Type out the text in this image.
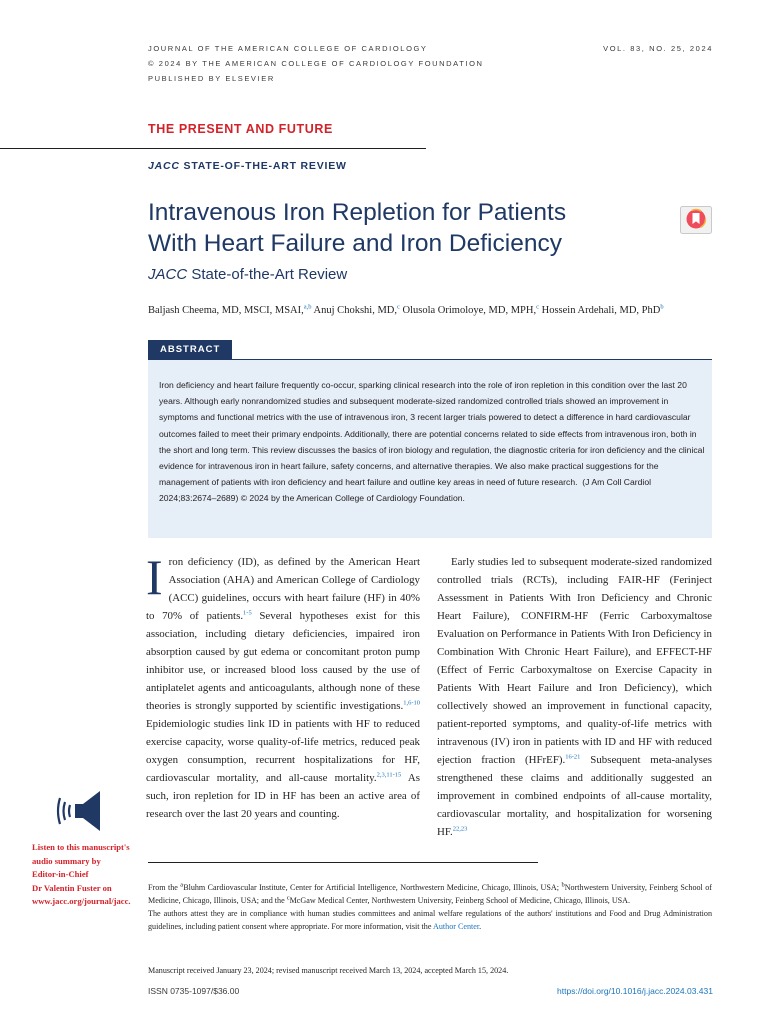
JOURNAL OF THE AMERICAN COLLEGE OF CARDIOLOGY
© 2024 BY THE AMERICAN COLLEGE OF CARDIOLOGY FOUNDATION
PUBLISHED BY ELSEVIER
VOL. 83, NO. 25, 2024
THE PRESENT AND FUTURE
JACC STATE-OF-THE-ART REVIEW
Intravenous Iron Repletion for Patients
With Heart Failure and Iron Deficiency
JACC State-of-the-Art Review
Baljash Cheema, MD, MSCI, MSAI,$^{a,b}$ Anuj Chokshi, MD,$^c$ Olusola Orimoloye, MD, MPH,$^c$ Hossein Ardehali, MD, PhD$^b$
ABSTRACT
Iron deficiency and heart failure frequently co-occur, sparking clinical research into the role of iron repletion in this condition over the last 20 years. Although early nonrandomized studies and subsequent moderate-sized randomized controlled trials showed an improvement in symptoms and functional metrics with the use of intravenous iron, 3 recent larger trials powered to detect a difference in hard cardiovascular outcomes failed to meet their primary endpoints. Additionally, there are potential concerns related to side effects from intravenous iron, both in the short and long term. This review discusses the basics of iron biology and regulation, the diagnostic criteria for iron deficiency and the clinical evidence for intravenous iron in heart failure, safety concerns, and alternative therapies. We also make practical suggestions for the management of patients with iron deficiency and heart failure and outline key areas in need of future research. (J Am Coll Cardiol 2024;83:2674–2689) © 2024 by the American College of Cardiology Foundation.

Iron deficiency (ID), as defined by the American Heart Association (AHA) and American College of Cardiology (ACC) guidelines, occurs with heart failure (HF) in 40% to 70% of patients.$^{1-5}$ Several hypotheses exist for this association, including dietary deficiencies, impaired iron absorption caused by gut edema or concomitant proton pump inhibitor use, or increased blood loss caused by the use of antiplatelet agents and anticoagulants, although none of these theories is strongly supported by scientific investigations.$^{1,6-10}$ Epidemiologic studies link ID in patients with HF to reduced exercise capacity, worse quality-of-life metrics, reduced peak oxygen consumption, recurrent hospitalizations for HF, cardiovascular mortality, and all-cause mortality.$^{2,3,11-15}$ As such, iron repletion for ID in HF has been an active area of research over the last 20 years and counting.

Early studies led to subsequent moderate-sized randomized controlled trials (RCTs), including FAIR-HF (Ferinject Assessment in Patients With Iron Deficiency and Chronic Heart Failure), CONFIRM-HF (Ferric Carboxymaltose Evaluation on Performance in Patients With Iron Deficiency in Combination With Chronic Heart Failure), and EFFECT-HF (Effect of Ferric Carboxymaltose on Exercise Capacity in Patients With Heart Failure and Iron Deficiency), which collectively showed an improvement in functional capacity, patient-reported symptoms, and quality-of-life metrics with intravenous (IV) iron in patients with ID and HF with reduced ejection fraction (HFrEF).$^{16-21}$ Subsequent meta-analyses strengthened these claims and additionally suggested an improvement in combined endpoints of all-cause mortality, cardiovascular mortality, and hospitalization for worsening HF.$^{22,23}$

Listen to this manuscript's
audio summary by
Editor-in-Chief
Dr Valentin Fuster on
www.jacc.org/journal/jacc.

From the $^a$Bluhm Cardiovascular Institute, Center for Artificial Intelligence, Northwestern Medicine, Chicago, Illinois, USA; $^b$Northwestern University, Feinberg School of Medicine, Chicago, Illinois, USA; and the $^c$McGaw Medical Center, Northwestern University, Feinberg School of Medicine, Chicago, Illinois, USA.

The authors attest they are in compliance with human studies committees and animal welfare regulations of the authors' institutions and Food and Drug Administration guidelines, including patient consent where appropriate. For more information, visit the Author Center.

Manuscript received January 23, 2024; revised manuscript received March 13, 2024, accepted March 15, 2024.
ISSN 0735-1097/$36.00	https://doi.org/10.1016/j.jacc.2024.03.431
